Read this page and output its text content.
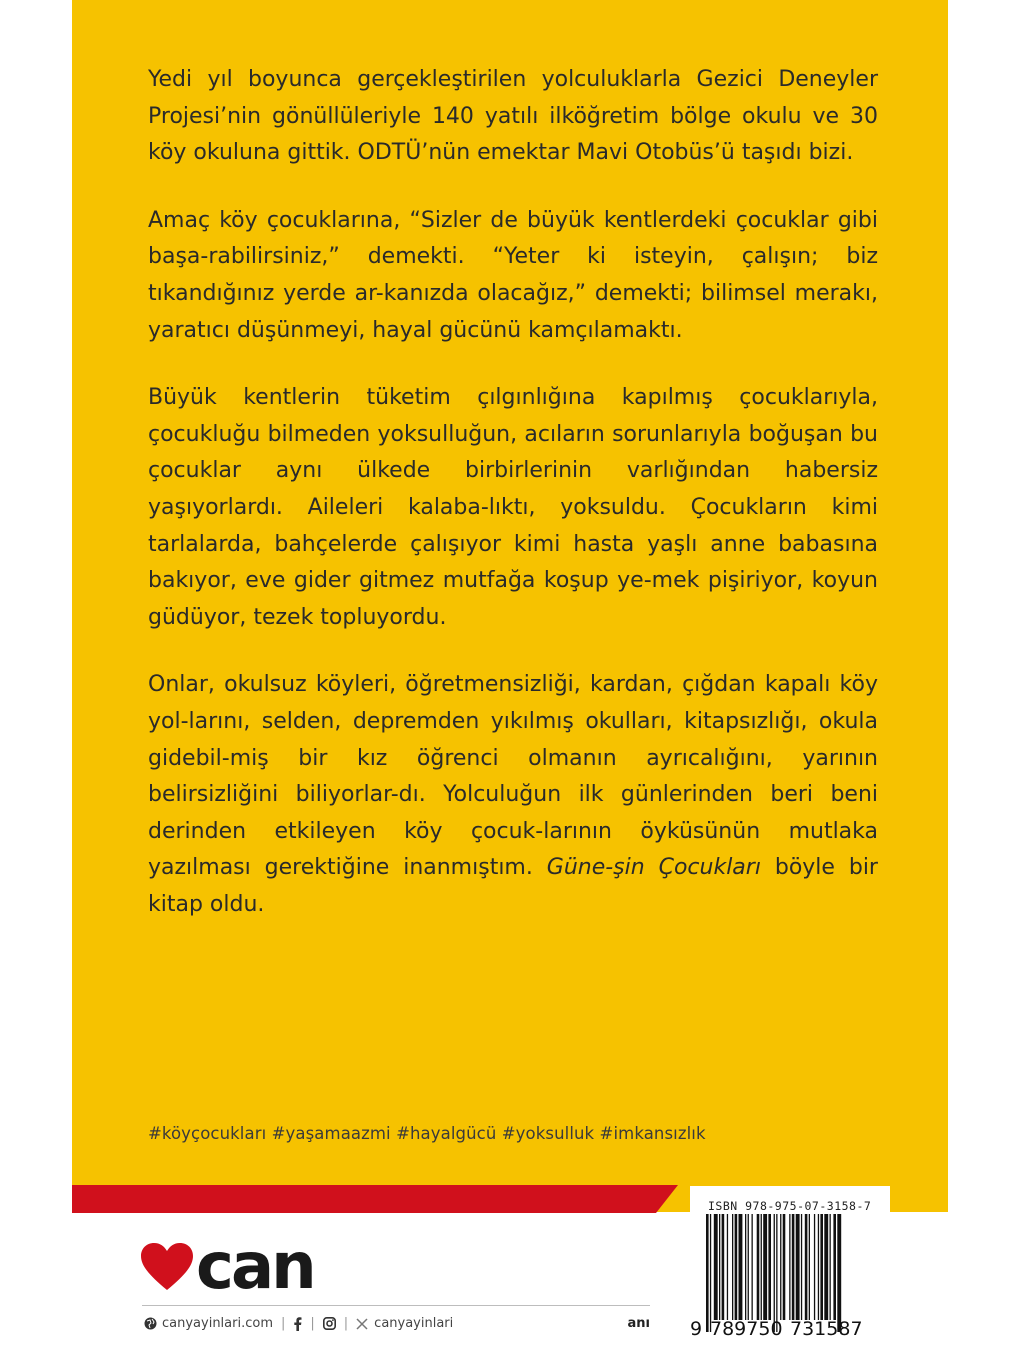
Yedi yıl boyunca gerçekleştirilen yolculuklarla Gezici Deneyler Projesi’nin gönüllüleriyle 140 yatılı ilköğretim bölge okulu ve 30 köy okuluna gittik. ODTÜ’nün emektar Mavi Otobüs’ü taşıdı bizi.

Amaç köy çocuklarına, “Sizler de büyük kentlerdeki çocuklar gibi başa-rabilirsiniz,” demekti. “Yeter ki isteyin, çalışın; biz tıkandığınız yerde ar-kanızda olacağız,” demekti; bilimsel merakı, yaratıcı düşünmeyi, hayal gücünü kamçılamaktı.

Büyük kentlerin tüketim çılgınlığına kapılmış çocuklarıyla, çocukluğu bilmeden yoksulluğun, acıların sorunlarıyla boğuşan bu çocuklar aynı ülkede birbirlerinin varlığından habersiz yaşıyorlardı. Aileleri kalaba-lıktı, yoksuldu. Çocukların kimi tarlalarda, bahçelerde çalışıyor kimi hasta yaşlı anne babasına bakıyor, eve gider gitmez mutfağa koşup ye-mek pişiriyor, koyun güdüyor, tezek topluyordu.

Onlar, okulsuz köyleri, öğretmensizliği, kardan, çığdan kapalı köy yol-larını, selden, depremden yıkılmış okulları, kitapsızlığı, okula gidebil-miş bir kız öğrenci olmanın ayrıcalığını, yarının belirsizliğini biliyorlar-dı. Yolculuğun ilk günlerinden beri beni derinden etkileyen köy çocuk-larının öyküsünün mutlaka yazılması gerektiğine inanmıştım. Güne-şin Çocukları böyle bir kitap oldu.

#köyçocukları #yaşamaazmi #hayalgücü #yoksulluk #imkansızlık
can
canyayinlari.com | | | canyayinlari	anı
ISBN 978-975-07-3158-7
9 789750 731587
